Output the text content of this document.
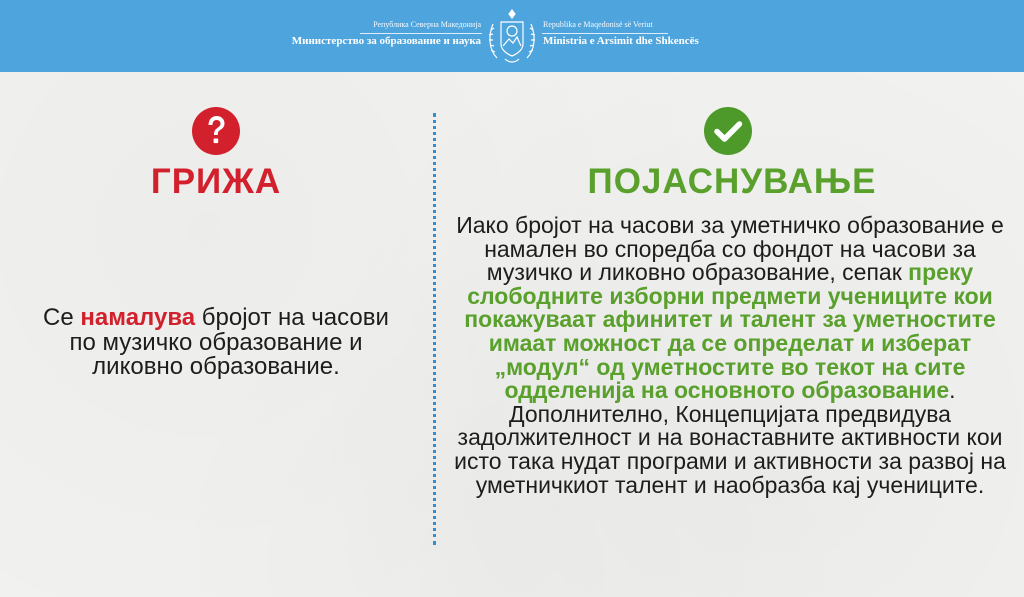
Република Северна Македонија
Министерство за образование и наука
Republika e Maqedonisë së Veriut
Ministria e Arsimit dhe Shkencës
ГРИЖА	ПОЈАСНУВАЊЕ
Се намалува бројот на часови по музичко образование и ликовно образование.
Иако бројот на часови за уметничко образование е намален во споредба со фондот на часови за музичко и ликовно образование, сепак преку слободните изборни предмети учениците кои покажуваат афинитет и талент за уметностите имаат можност да се определат и изберат „модул“ од уметностите во текот на сите одделенија на основното образование.
Дополнително, Концепцијата предвидува задолжителност и на вонаставните активности кои исто така нудат програми и активности за развој на уметничкиот талент и наобразба кај учениците.
